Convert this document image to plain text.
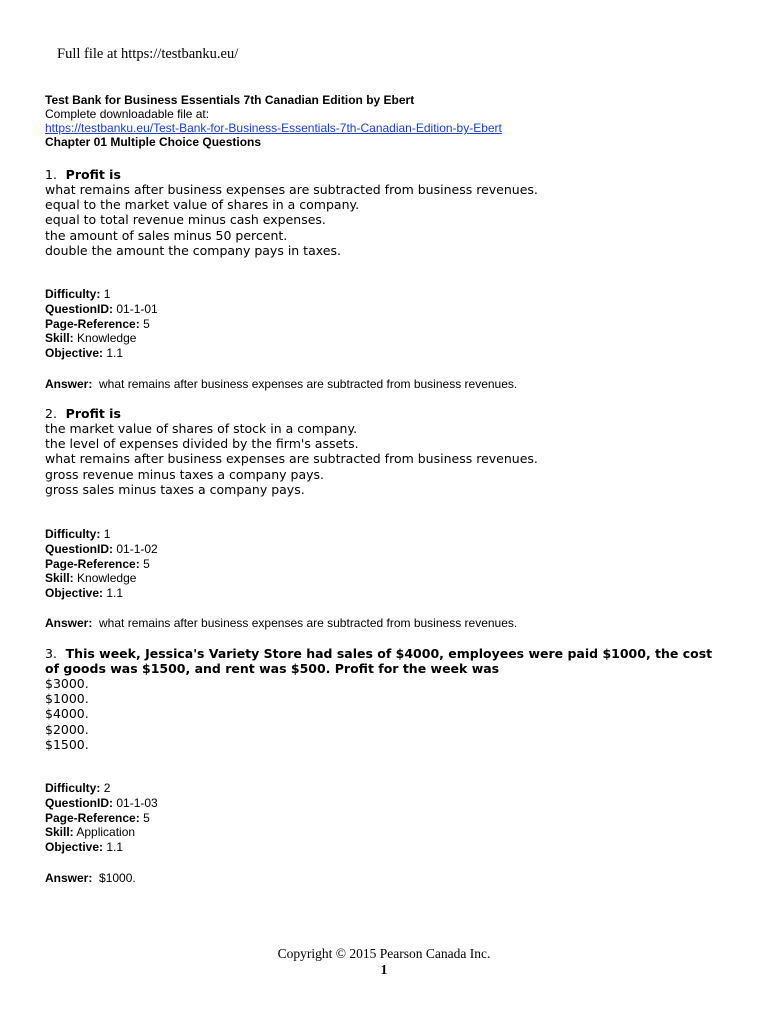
Full file at https://testbanku.eu/
Test Bank for Business Essentials 7th Canadian Edition by Ebert
Complete downloadable file at:
https://testbanku.eu/Test-Bank-for-Business-Essentials-7th-Canadian-Edition-by-Ebert
Chapter 01 Multiple Choice Questions
1. Profit is
what remains after business expenses are subtracted from business revenues.
equal to the market value of shares in a company.
equal to total revenue minus cash expenses.
the amount of sales minus 50 percent.
double the amount the company pays in taxes.
Difficulty: 1
QuestionID: 01-1-01
Page-Reference: 5
Skill: Knowledge
Objective: 1.1
Answer: what remains after business expenses are subtracted from business revenues.
2. Profit is
the market value of shares of stock in a company.
the level of expenses divided by the firm's assets.
what remains after business expenses are subtracted from business revenues.
gross revenue minus taxes a company pays.
gross sales minus taxes a company pays.
Difficulty: 1
QuestionID: 01-1-02
Page-Reference: 5
Skill: Knowledge
Objective: 1.1
Answer: what remains after business expenses are subtracted from business revenues.
3. This week, Jessica's Variety Store had sales of $4000, employees were paid $1000, the cost
of goods was $1500, and rent was $500. Profit for the week was
$3000.
$1000.
$4000.
$2000.
$1500.
Difficulty: 2
QuestionID: 01-1-03
Page-Reference: 5
Skill: Application
Objective: 1.1
Answer: $1000.
Copyright © 2015 Pearson Canada Inc.
1
